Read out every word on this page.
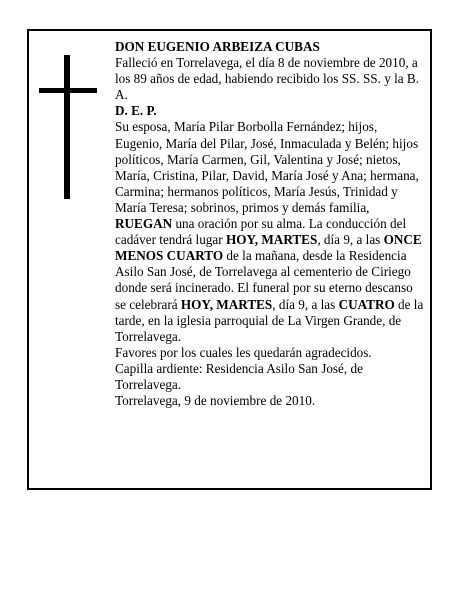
DON EUGENIO ARBEIZA CUBAS

Falleció en Torrelavega, el día 8 de noviembre de 2010, a los 89 años de edad, habiendo recibido los SS. SS. y la B. A.

D. E. P.

Su esposa, María Pilar Borbolla Fernández; hijos, Eugenio, María del Pilar, José, Inmaculada y Belén; hijos políticos, María Carmen, Gil, Valentina y José; nietos, María, Cristina, Pilar, David, María José y Ana; hermana, Carmina; hermanos políticos, María Jesús, Trinidad y María Teresa; sobrinos, primos y demás familia,

RUEGAN una oración por su alma. La conducción del cadáver tendrá lugar HOY, MARTES, día 9, a las ONCE MENOS CUARTO de la mañana, desde la Residencia Asilo San José, de Torrelavega al cementerio de Ciriego donde será incinerado. El funeral por su eterno descanso se celebrará HOY, MARTES, día 9, a las CUATRO de la tarde, en la iglesia parroquial de La Virgen Grande, de Torrelavega.

Favores por los cuales les quedarán agradecidos.

Capilla ardiente: Residencia Asilo San José, de Torrelavega.

Torrelavega, 9 de noviembre de 2010.
